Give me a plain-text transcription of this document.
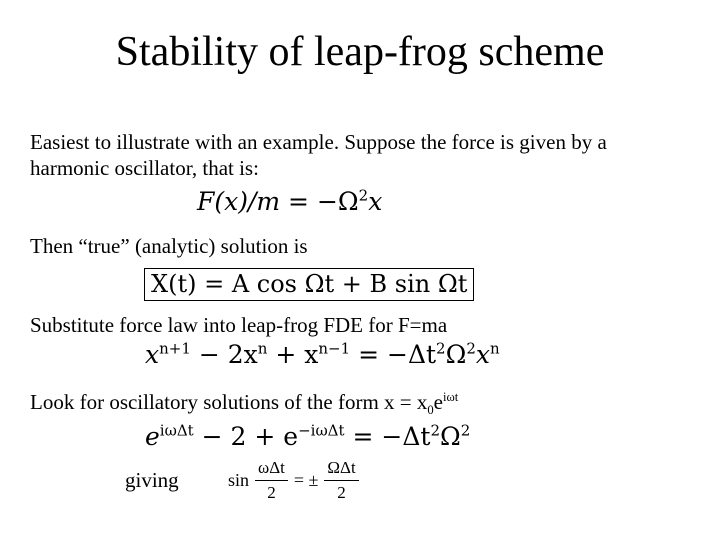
Stability of leap-frog scheme
Easiest to illustrate with an example. Suppose the force is given by a
harmonic oscillator, that is:
$F(x)/m = -\Omega^2x$
Then “true” (analytic) solution is
X(t) = A cos Ωt + B sin Ωt
Substitute force law into leap-frog FDE for F=ma
$x^{n+1} - 2x^n + x^{n-1} = -\Delta t^2\Omega^2x^n$
Look for oscillatory solutions of the form $x = x_0e^{i\omega t}$
$e^{i\omega\Delta t} - 2 + e^{-i\omega\Delta t} = -\Delta t^2\Omega^2$
giving	$\sin \frac{\text{ωΔt}}{2}$ = ± $\frac{\text{ΩΔt}}{2}$
